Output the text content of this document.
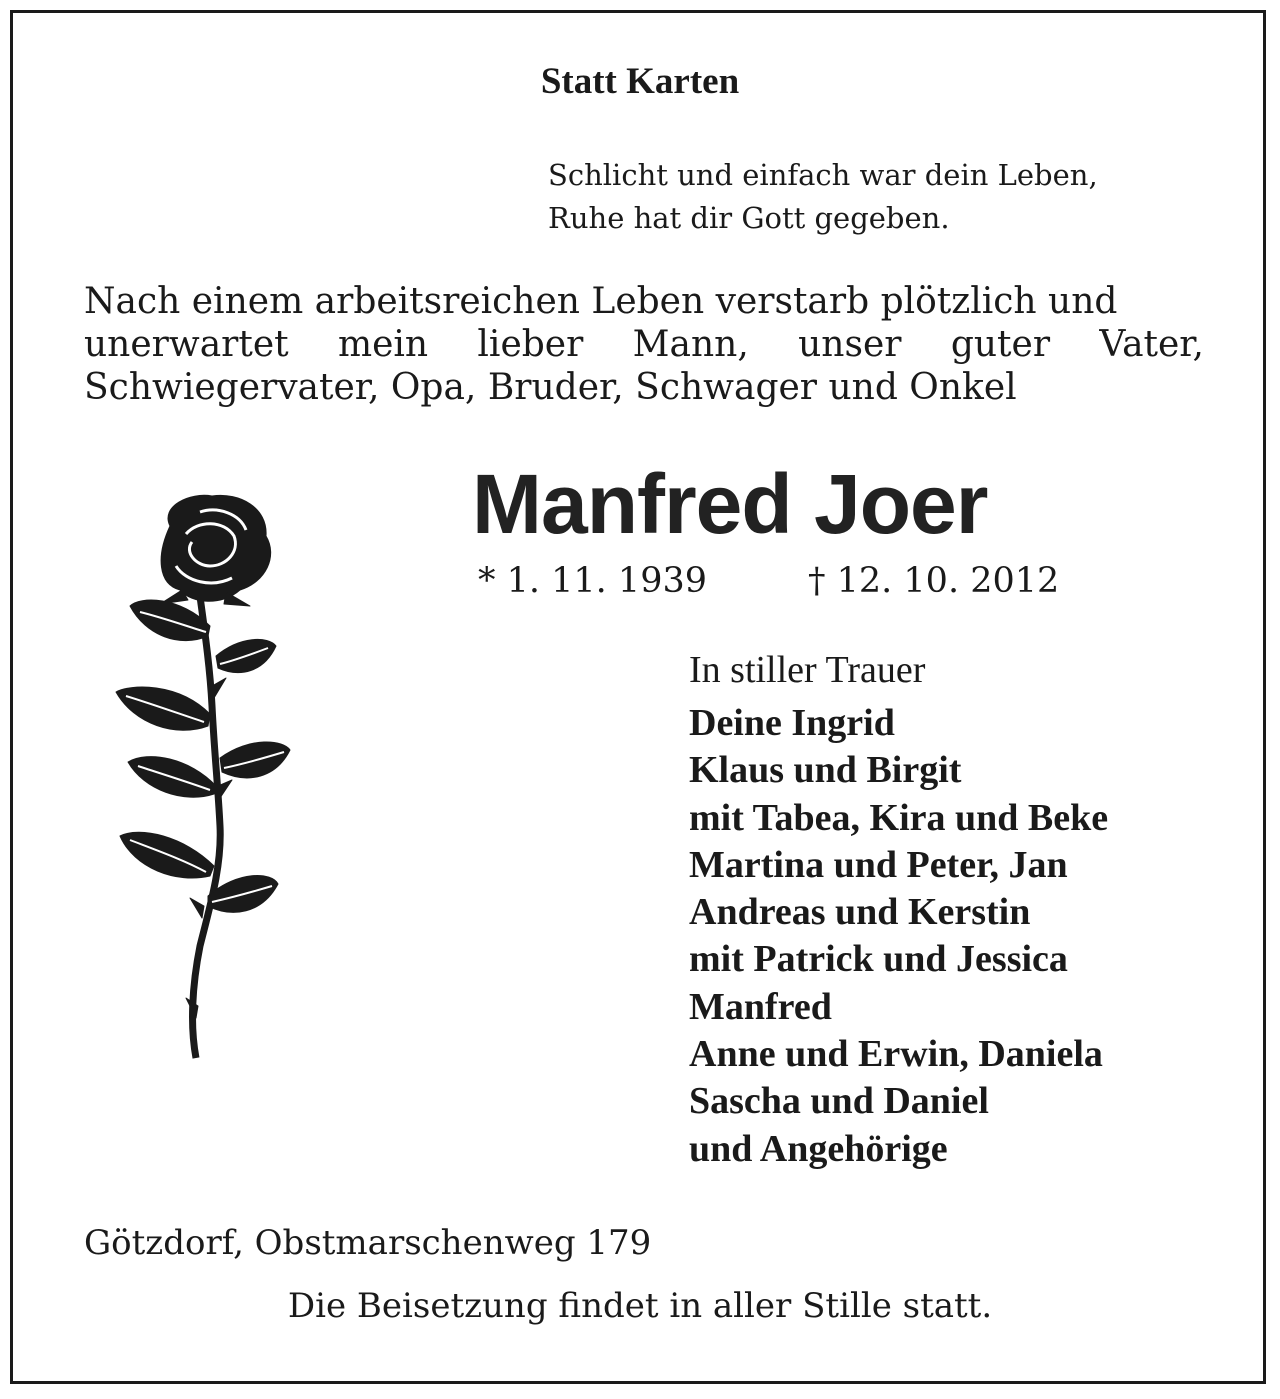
Statt Karten
Schlicht und einfach war dein Leben,
Ruhe hat dir Gott gegeben.
Nach einem arbeitsreichen Leben verstarb plötzlich und
unerwartet mein lieber Mann, unser guter Vater,
Schwiegervater, Opa, Bruder, Schwager und Onkel
Manfred Joer
* 1. 11. 1939	† 12. 10. 2012
In stiller Trauer
Deine Ingrid
Klaus und Birgit
mit Tabea, Kira und Beke
Martina und Peter, Jan
Andreas und Kerstin
mit Patrick und Jessica
Manfred
Anne und Erwin, Daniela
Sascha und Daniel
und Angehörige
Götzdorf, Obstmarschenweg 179
Die Beisetzung findet in aller Stille statt.
